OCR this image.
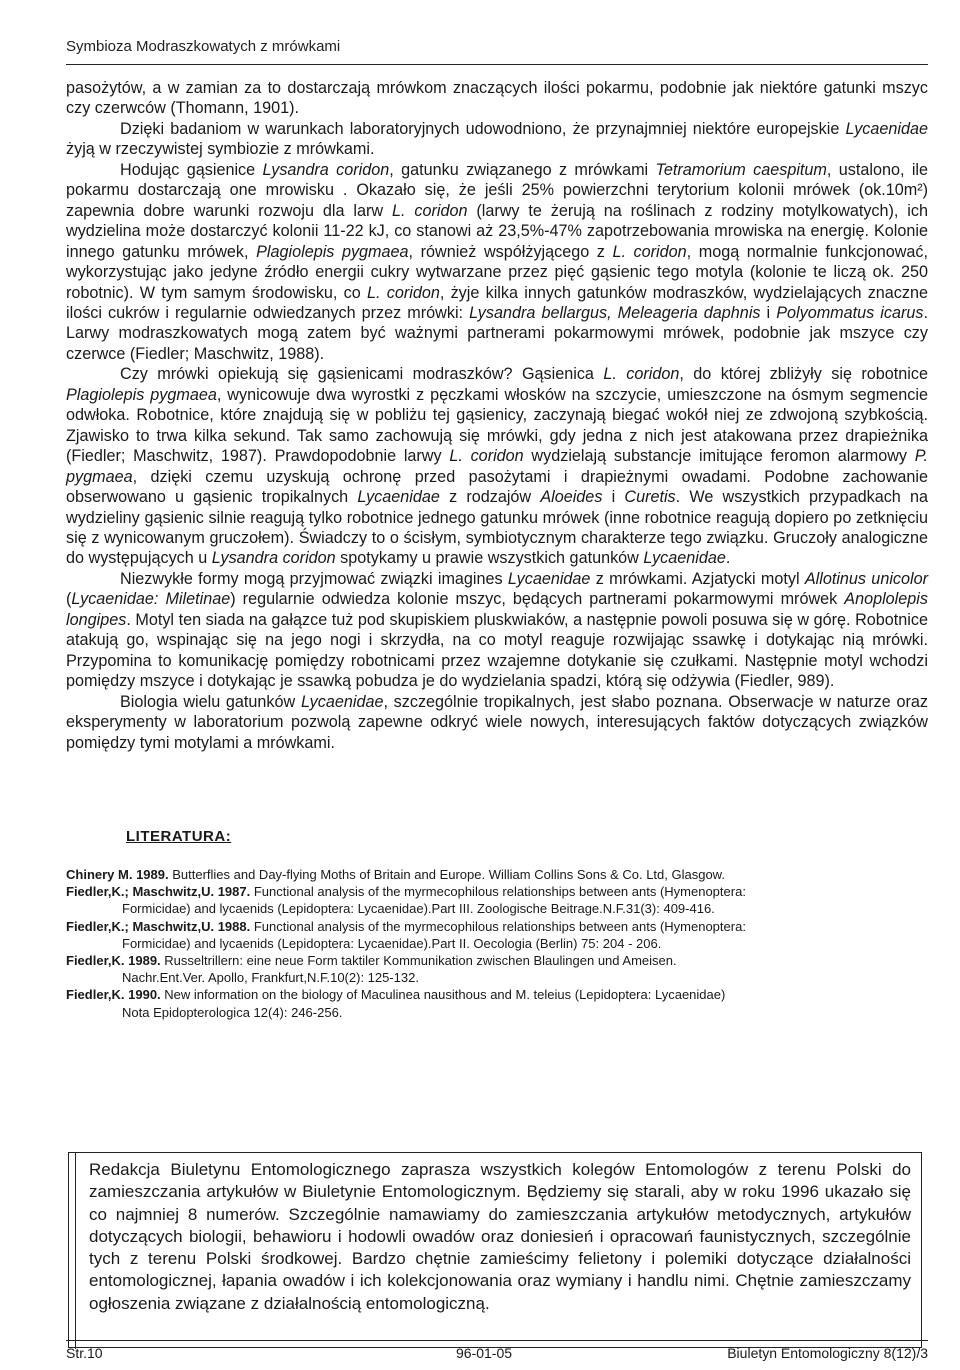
Symbioza Modraszkowatych z mrówkami

pasożytów, a w zamian za to dostarczają mrówkom znaczących ilości pokarmu, podobnie jak niektóre gatunki mszyc czy czerwców (Thomann, 1901).

Dzięki badaniom w warunkach laboratoryjnych udowodniono, że przynajmniej niektóre europejskie Lycaenidae żyją w rzeczywistej symbiozie z mrówkami.

Hodując gąsienice Lysandra coridon, gatunku związanego z mrówkami Tetramorium caespitum, ustalono, ile pokarmu dostarczają one mrowisku . Okazało się, że jeśli 25% powierzchni terytorium kolonii mrówek (ok.10m²) zapewnia dobre warunki rozwoju dla larw L. coridon (larwy te żerują na roślinach z rodziny motylkowatych), ich wydzielina może dostarczyć kolonii 11-22 kJ, co stanowi aż 23,5%-47% zapotrzebowania mrowiska na energię. Kolonie innego gatunku mrówek, Plagiolepis pygmaea, również współżyjącego z L. coridon, mogą normalnie funkcjonować, wykorzystując jako jedyne źródło energii cukry wytwarzane przez pięć gąsienic tego motyla (kolonie te liczą ok. 250 robotnic). W tym samym środowisku, co L. coridon, żyje kilka innych gatunków modraszków, wydzielających znaczne ilości cukrów i regularnie odwiedzanych przez mrówki: Lysandra bellargus, Meleageria daphnis i Polyommatus icarus. Larwy modraszkowatych mogą zatem być ważnymi partnerami pokarmowymi mrówek, podobnie jak mszyce czy czerwce (Fiedler; Maschwitz, 1988).

Czy mrówki opiekują się gąsienicami modraszków? Gąsienica L. coridon, do której zbliżyły się robotnice Plagiolepis pygmaea, wynicowuje dwa wyrostki z pęczkami włosków na szczycie, umieszczone na ósmym segmencie odwłoka. Robotnice, które znajdują się w pobliżu tej gąsienicy, zaczynają biegać wokół niej ze zdwojoną szybkością. Zjawisko to trwa kilka sekund. Tak samo zachowują się mrówki, gdy jedna z nich jest atakowana przez drapieżnika (Fiedler; Maschwitz, 1987). Prawdopodobnie larwy L. coridon wydzielają substancje imitujące feromon alarmowy P. pygmaea, dzięki czemu uzyskują ochronę przed pasożytami i drapieżnymi owadami. Podobne zachowanie obserwowano u gąsienic tropikalnych Lycaenidae z rodzajów Aloeides i Curetis. We wszystkich przypadkach na wydzieliny gąsienic silnie reagują tylko robotnice jednego gatunku mrówek (inne robotnice reagują dopiero po zetknięciu się z wynicowanym gruczołem). Świadczy to o ścisłym, symbiotycznym charakterze tego związku. Gruczoły analogiczne do występujących u Lysandra coridon spotykamy u prawie wszystkich gatunków Lycaenidae.

Niezwykłe formy mogą przyjmować związki imagines Lycaenidae z mrówkami. Azjatycki motyl Allotinus unicolor (Lycaenidae: Miletinae) regularnie odwiedza kolonie mszyc, będących partnerami pokarmowymi mrówek Anoplolepis longipes. Motyl ten siada na gałązce tuż pod skupiskiem pluskwiaków, a następnie powoli posuwa się w górę. Robotnice atakują go, wspinając się na jego nogi i skrzydła, na co motyl reaguje rozwijając ssawkę i dotykając nią mrówki. Przypomina to komunikację pomiędzy robotnicami przez wzajemne dotykanie się czułkami. Następnie motyl wchodzi pomiędzy mszyce i dotykając je ssawką pobudza je do wydzielania spadzi, którą się odżywia (Fiedler, 989).

Biologia wielu gatunków Lycaenidae, szczególnie tropikalnych, jest słabo poznana. Obserwacje w naturze oraz eksperymenty w laboratorium pozwolą zapewne odkryć wiele nowych, interesujących faktów dotyczących związków pomiędzy tymi motylami a mrówkami.

LITERATURA:
Chinery M. 1989. Butterflies and Day-flying Moths of Britain and Europe. William Collins Sons & Co. Ltd, Glasgow.
Fiedler,K.; Maschwitz,U. 1987. Functional analysis of the myrmecophilous relationships between ants (Hymenoptera:
Formicidae) and lycaenids (Lepidoptera: Lycaenidae).Part III. Zoologische Beitrage.N.F.31(3): 409-416.
Fiedler,K.; Maschwitz,U. 1988. Functional analysis of the myrmecophilous relationships between ants (Hymenoptera:
Formicidae) and lycaenids (Lepidoptera: Lycaenidae).Part II. Oecologia (Berlin) 75: 204 - 206.
Fiedler,K. 1989. Russeltrillern: eine neue Form taktiler Kommunikation zwischen Blaulingen und Ameisen.
Nachr.Ent.Ver. Apollo, Frankfurt,N.F.10(2): 125-132.
Fiedler,K. 1990. New information on the biology of Maculinea nausithous and M. teleius (Lepidoptera: Lycaenidae)
Nota Epidopterologica 12(4): 246-256.
Redakcja Biuletynu Entomologicznego zaprasza wszystkich kolegów Entomologów z terenu Polski do zamieszczania artykułów w Biuletynie Entomologicznym. Będziemy się starali, aby w roku 1996 ukazało się co najmniej 8 numerów. Szczególnie namawiamy do zamieszczania artykułów metodycznych, artykułów dotyczących biologii, behawioru i hodowli owadów oraz doniesień i opracowań faunistycznych, szczególnie tych z terenu Polski środkowej. Bardzo chętnie zamieścimy felietony i polemiki dotyczące działalności entomologicznej, łapania owadów i ich kolekcjonowania oraz wymiany i handlu nimi. Chętnie zamieszczamy ogłoszenia związane z działalnością entomologiczną.
Str.10	96-01-05	Biuletyn Entomologiczny 8(12)/3
